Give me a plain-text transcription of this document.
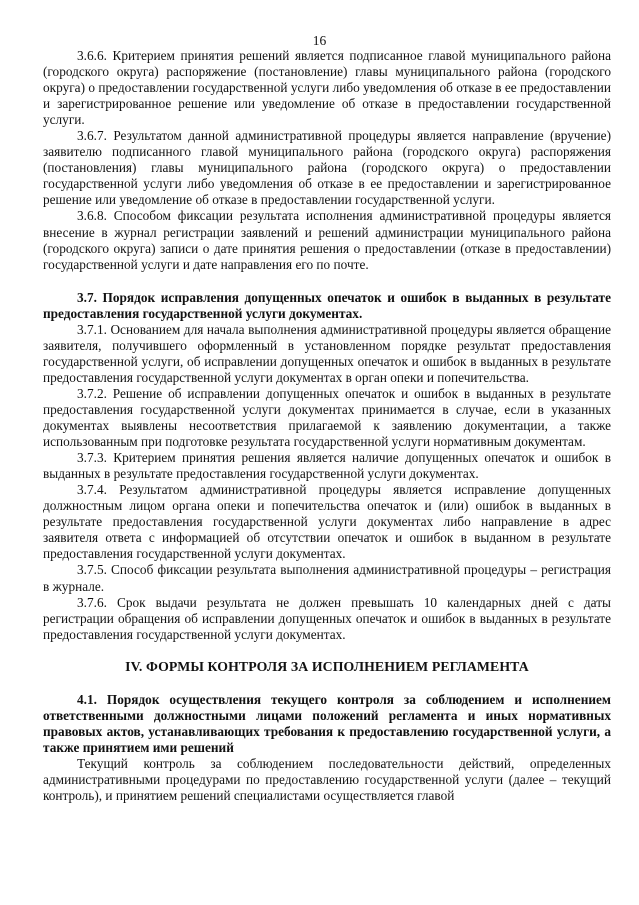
16

3.6.6. Критерием принятия решений является подписанное главой муниципального района (городского округа) распоряжение (постановление) главы муниципального района (городского округа) о предоставлении государственной услуги либо уведомления об отказе в ее предоставлении и зарегистрированное решение или уведомление об отказе в предоставлении государственной услуги.

3.6.7. Результатом данной административной процедуры является направление (вручение) заявителю подписанного главой муниципального района (городского округа) распоряжения (постановления) главы муниципального района (городского округа) о предоставлении государственной услуги либо уведомления об отказе в ее предоставлении и зарегистрированное решение или уведомление об отказе в предоставлении государственной услуги.

3.6.8. Способом фиксации результата исполнения административной процедуры является внесение в журнал регистрации заявлений и решений администрации муниципального района (городского округа) записи о дате принятия решения о предоставлении (отказе в предоставлении) государственной услуги и дате направления его по почте.

3.7. Порядок исправления допущенных опечаток и ошибок в выданных в результате предоставления государственной услуги документах.

3.7.1. Основанием для начала выполнения административной процедуры является обращение заявителя, получившего оформленный в установленном порядке результат предоставления государственной услуги, об исправлении допущенных опечаток и ошибок в выданных в результате предоставления государственной услуги документах в орган опеки и попечительства.

3.7.2. Решение об исправлении допущенных опечаток и ошибок в выданных в результате предоставления государственной услуги документах принимается в случае, если в указанных документах выявлены несоответствия прилагаемой к заявлению документации, а также использованным при подготовке результата государственной услуги нормативным документам.

3.7.3. Критерием принятия решения является наличие допущенных опечаток и ошибок в выданных в результате предоставления государственной услуги документах.

3.7.4. Результатом административной процедуры является исправление допущенных должностным лицом органа опеки и попечительства опечаток и (или) ошибок в выданных в результате предоставления государственной услуги документах либо направление в адрес заявителя ответа с информацией об отсутствии опечаток и ошибок в выданном в результате предоставления государственной услуги документах.

3.7.5. Способ фиксации результата выполнения административной процедуры – регистрация в журнале.

3.7.6. Срок выдачи результата не должен превышать 10 календарных дней с даты регистрации обращения об исправлении допущенных опечаток и ошибок в выданных в результате предоставления государственной услуги документах.

IV. ФОРМЫ КОНТРОЛЯ ЗА ИСПОЛНЕНИЕМ РЕГЛАМЕНТА

4.1. Порядок осуществления текущего контроля за соблюдением и исполнением ответственными должностными лицами положений регламента и иных нормативных правовых актов, устанавливающих требования к предоставлению государственной услуги, а также принятием ими решений

Текущий контроль за соблюдением последовательности действий, определенных административными процедурами по предоставлению государственной услуги (далее – текущий контроль), и принятием решений специалистами осуществляется главой
